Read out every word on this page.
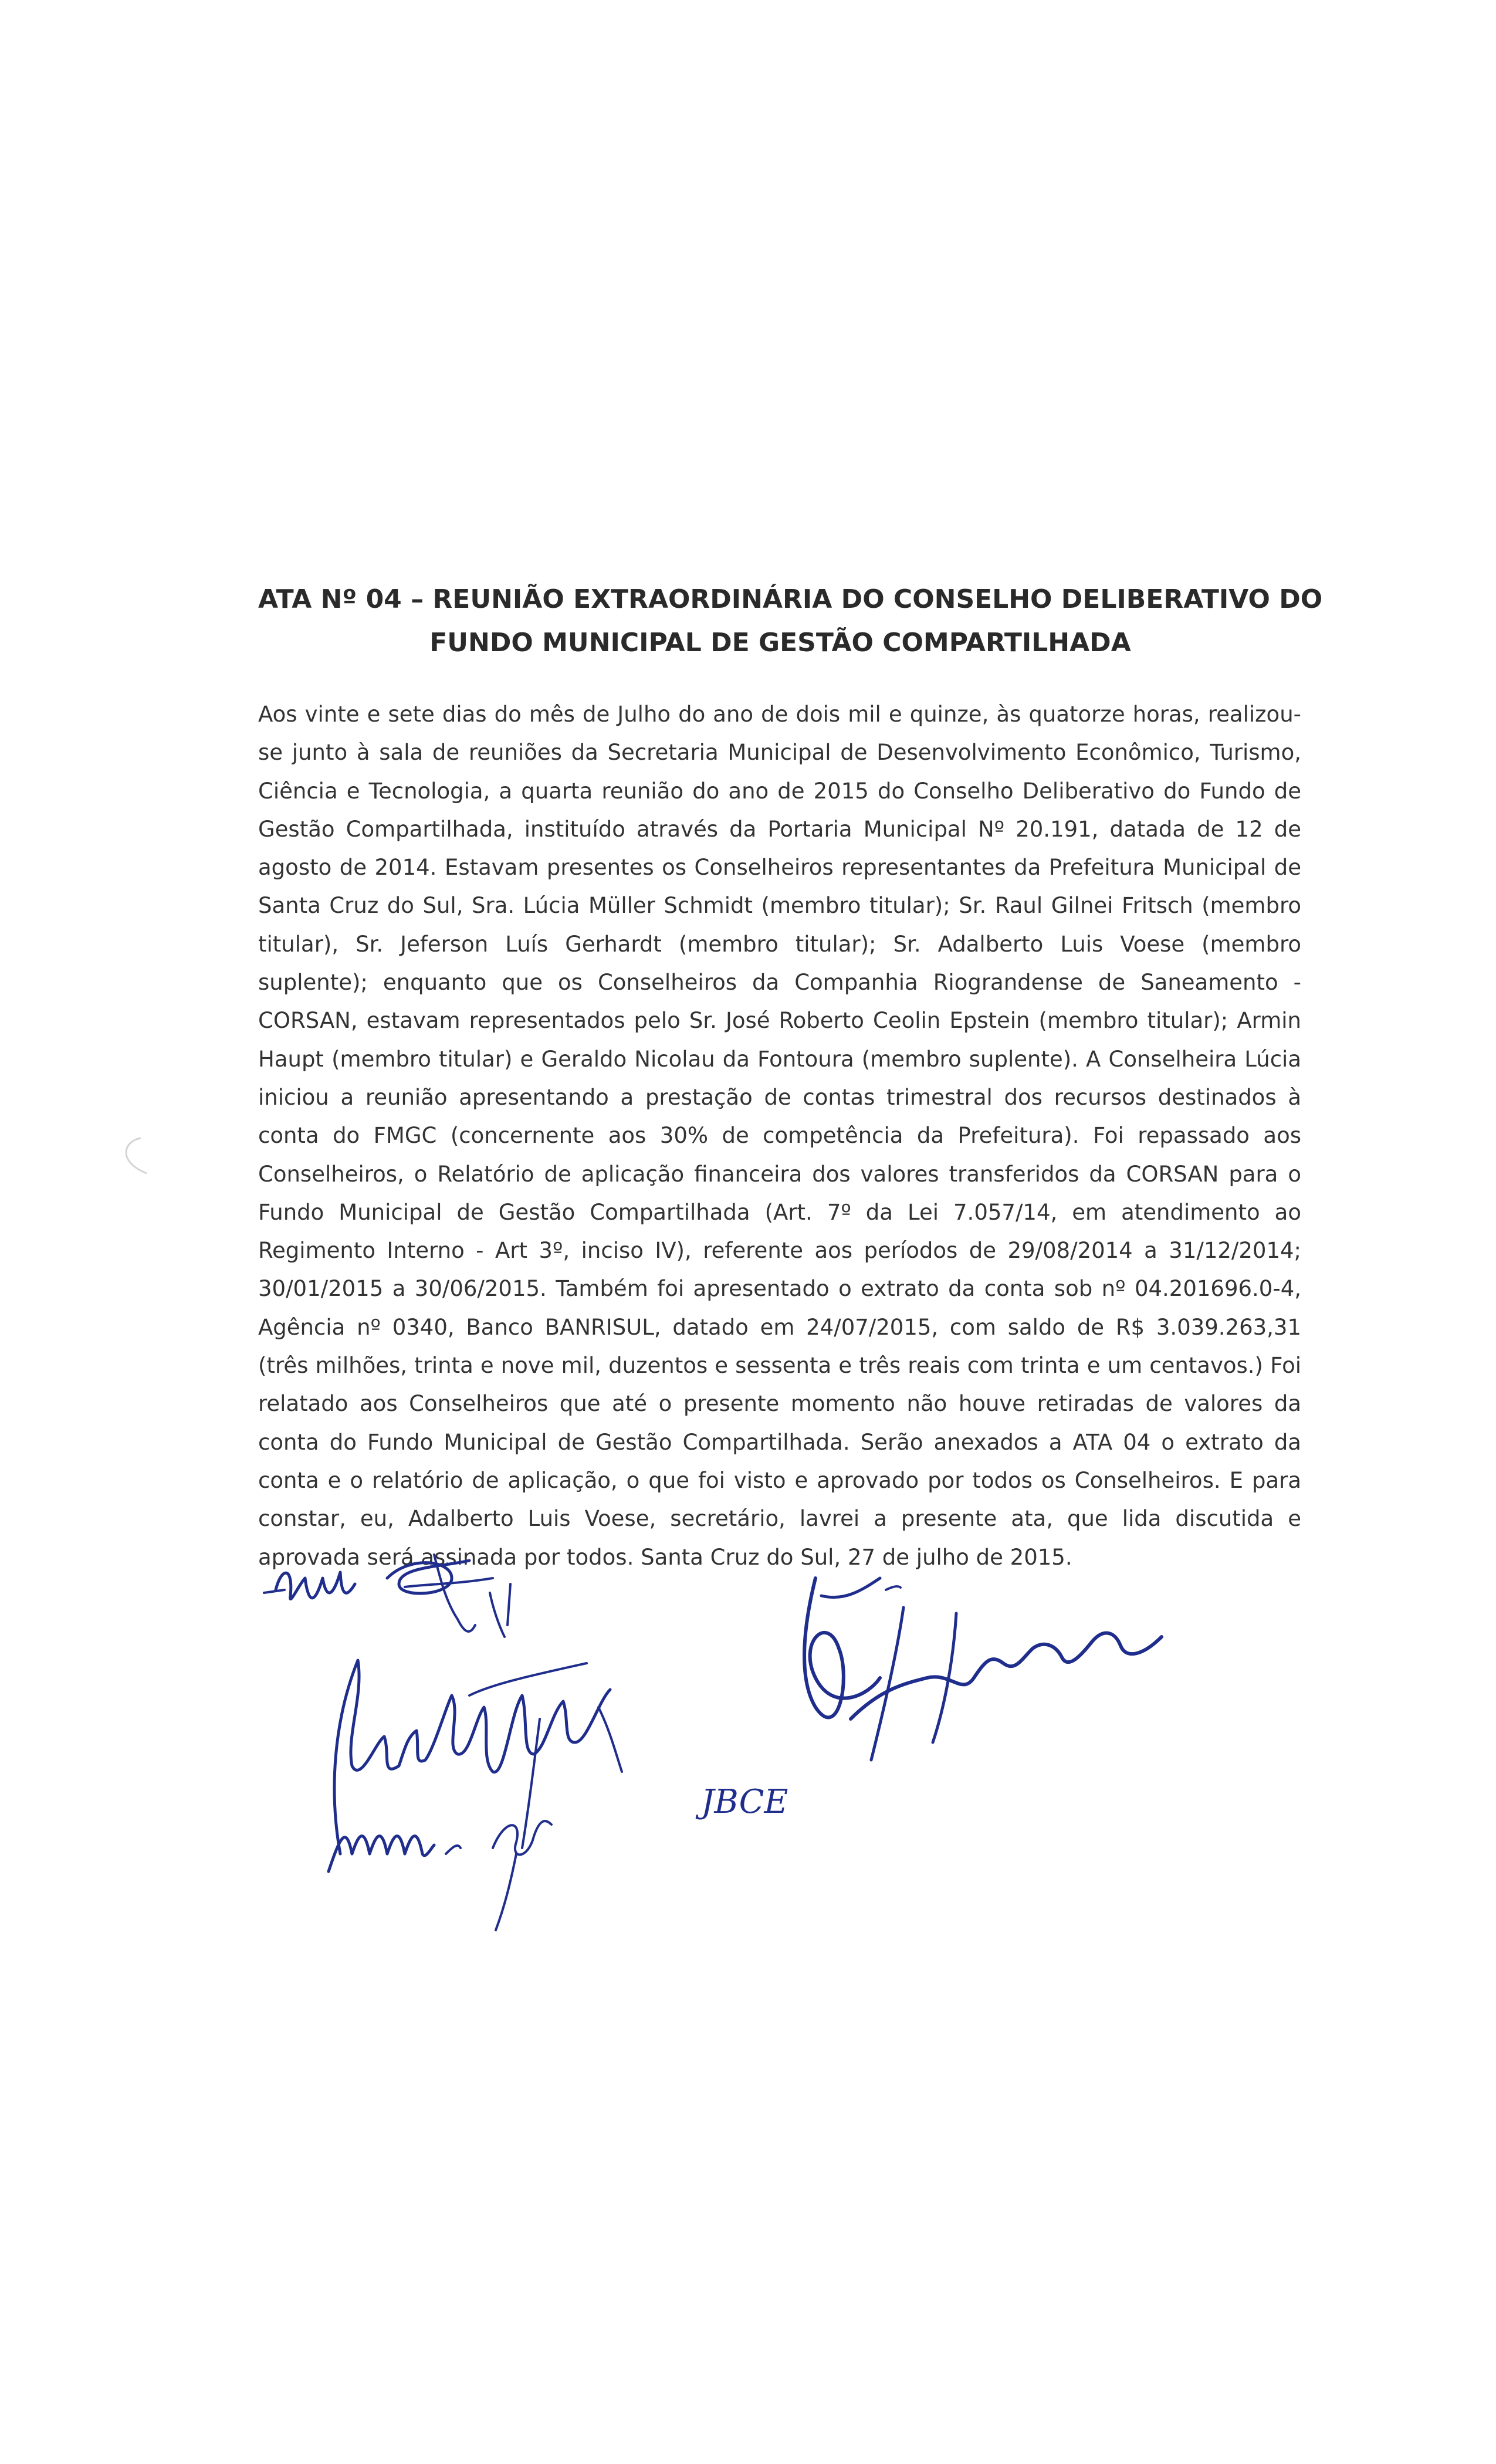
ATA Nº 04 – REUNIÃO EXTRAORDINÁRIA DO CONSELHO DELIBERATIVO DO
FUNDO MUNICIPAL DE GESTÃO COMPARTILHADA
Aos vinte e sete dias do mês de Julho do ano de dois mil e quinze, às quatorze horas, realizou-se junto à sala de reuniões da Secretaria Municipal de Desenvolvimento Econômico, Turismo, Ciência e Tecnologia, a quarta reunião do ano de 2015 do Conselho Deliberativo do Fundo de Gestão Compartilhada, instituído através da Portaria Municipal Nº 20.191, datada de 12 de agosto de 2014. Estavam presentes os Conselheiros representantes da Prefeitura Municipal de Santa Cruz do Sul, Sra. Lúcia Müller Schmidt (membro titular); Sr. Raul Gilnei Fritsch (membro titular), Sr. Jeferson Luís Gerhardt (membro titular); Sr. Adalberto Luis Voese (membro suplente); enquanto que os Conselheiros da Companhia Riograndense de Saneamento - CORSAN, estavam representados pelo Sr. José Roberto Ceolin Epstein (membro titular); Armin Haupt (membro titular) e Geraldo Nicolau da Fontoura (membro suplente). A Conselheira Lúcia iniciou a reunião apresentando a prestação de contas trimestral dos recursos destinados à conta do FMGC (concernente aos 30% de competência da Prefeitura). Foi repassado aos Conselheiros, o Relatório de aplicação financeira dos valores transferidos da CORSAN para o Fundo Municipal de Gestão Compartilhada (Art. 7º da Lei 7.057/14, em atendimento ao Regimento Interno - Art 3º, inciso IV), referente aos períodos de 29/08/2014 a 31/12/2014; 30/01/2015 a 30/06/2015. Também foi apresentado o extrato da conta sob nº 04.201696.0-4, Agência nº 0340, Banco BANRISUL, datado em 24/07/2015, com saldo de R$ 3.039.263,31 (três milhões, trinta e nove mil, duzentos e sessenta e três reais com trinta e um centavos.) Foi relatado aos Conselheiros que até o presente momento não houve retiradas de valores da conta do Fundo Municipal de Gestão Compartilhada. Serão anexados a ATA 04 o extrato da conta e o relatório de aplicação, o que foi visto e aprovado por todos os Conselheiros. E para constar, eu, Adalberto Luis Voese, secretário, lavrei a presente ata, que lida discutida e aprovada será assinada por todos. Santa Cruz do Sul, 27 de julho de 2015.
JBCE
